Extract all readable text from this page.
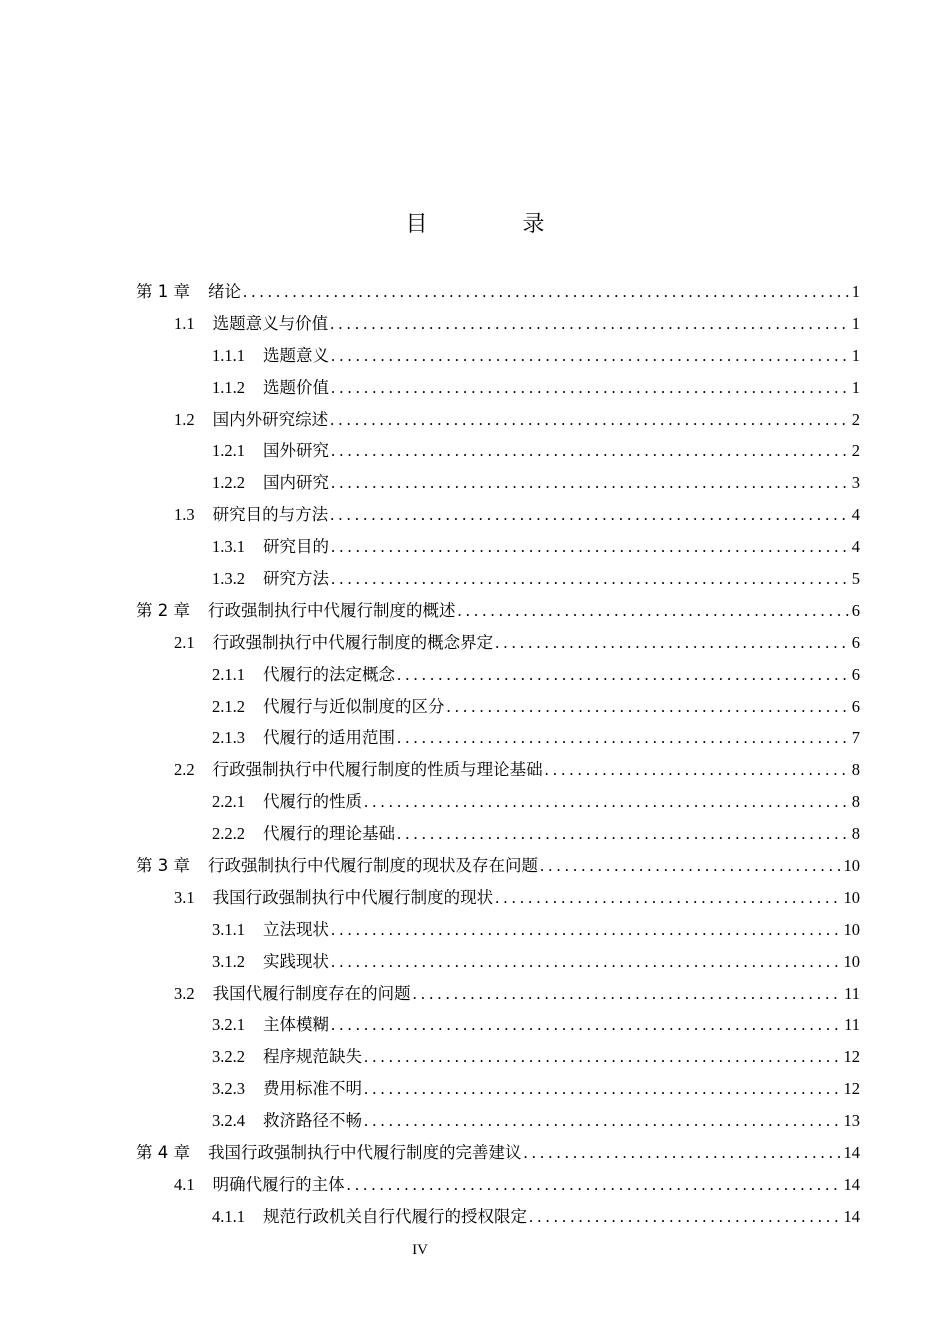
目 录
第 1 章 绪论 . . .	1
1.1 选题意义与价值 . . .	1
1.1.1 选题意义 . . .	1
1.1.2 选题价值 . . .	1
1.2 国内外研究综述 . . .	2
1.2.1 国外研究 . . .	2
1.2.2 国内研究 . . .	3
1.3 研究目的与方法 . . .	4
1.3.1 研究目的 . . .	4
1.3.2 研究方法 . . .	5
第 2 章 行政强制执行中代履行制度的概述 . . .	6
2.1 行政强制执行中代履行制度的概念界定 . . .	6
2.1.1 代履行的法定概念 . . .	6
2.1.2 代履行与近似制度的区分 . . .	6
2.1.3 代履行的适用范围 . . .	7
2.2 行政强制执行中代履行制度的性质与理论基础 . . .	8
2.2.1 代履行的性质 . . .	8
2.2.2 代履行的理论基础 . . .	8
第 3 章 行政强制执行中代履行制度的现状及存在问题 . . .	10
3.1 我国行政强制执行中代履行制度的现状 . . .	10
3.1.1 立法现状 . . .	10
3.1.2 实践现状 . . .	10
3.2 我国代履行制度存在的问题 . . .	11
3.2.1 主体模糊 . . .	11
3.2.2 程序规范缺失 . . .	12
3.2.3 费用标准不明 . . .	12
3.2.4 救济路径不畅 . . .	13
第 4 章 我国行政强制执行中代履行制度的完善建议 . . .	14
4.1 明确代履行的主体 . . .	14
4.1.1 规范行政机关自行代履行的授权限定 . . .	14
IV
